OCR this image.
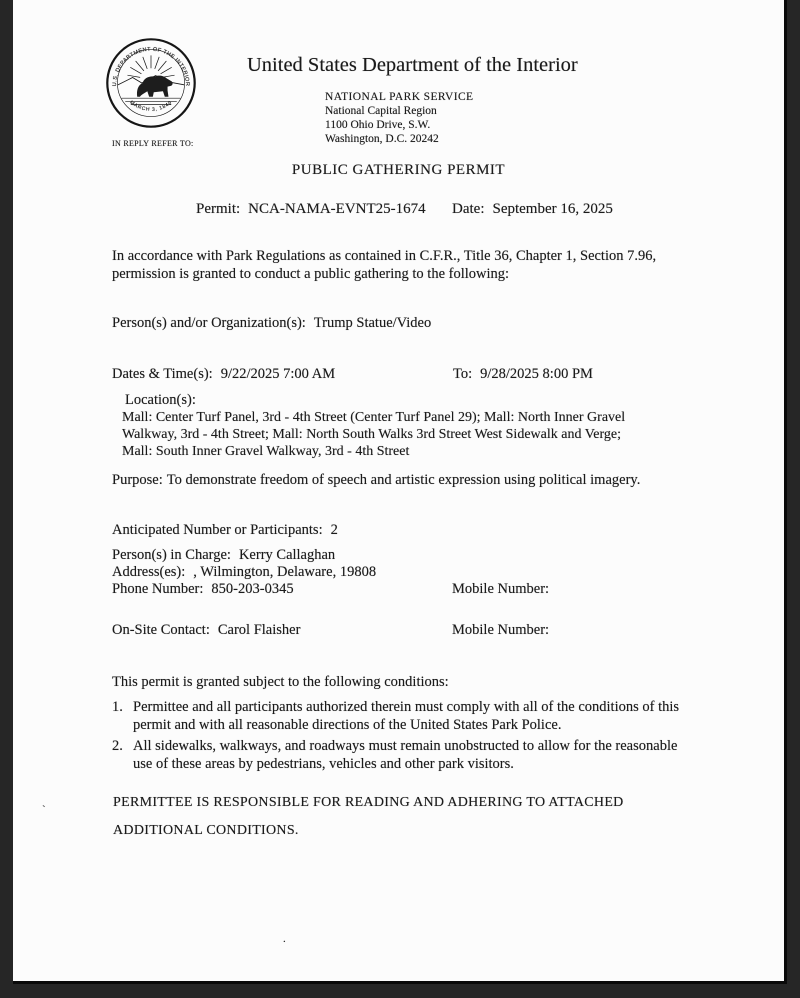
U.S. DEPARTMENT OF THE INTERIOR
MARCH 3, 1849
IN REPLY REFER TO:
United States Department of the Interior
NATIONAL PARK SERVICE
National Capital Region
1100 Ohio Drive, S.W.
Washington, D.C. 20242
PUBLIC GATHERING PERMIT
Permit: NCA-NAMA-EVNT25-1674 Date: September 16, 2025
In accordance with Park Regulations as contained in C.F.R., Title 36, Chapter 1, Section 7.96,
permission is granted to conduct a public gathering to the following:
Person(s) and/or Organization(s): Trump Statue/Video
Dates & Time(s): 9/22/2025 7:00 AM	To: 9/28/2025 8:00 PM
Location(s):
Mall: Center Turf Panel, 3rd - 4th Street (Center Turf Panel 29); Mall: North Inner Gravel
Walkway, 3rd - 4th Street; Mall: North South Walks 3rd Street West Sidewalk and Verge;
Mall: South Inner Gravel Walkway, 3rd - 4th Street
Purpose: To demonstrate freedom of speech and artistic expression using political imagery.
Anticipated Number or Participants: 2
Person(s) in Charge: Kerry Callaghan
Address(es): , Wilmington, Delaware, 19808
Phone Number: 850-203-0345	Mobile Number:
On-Site Contact: Carol Flaisher	Mobile Number:
This permit is granted subject to the following conditions:
1. Permittee and all participants authorized therein must comply with all of the conditions of this
permit and with all reasonable directions of the United States Park Police.
2. All sidewalks, walkways, and roadways must remain unobstructed to allow for the reasonable
use of these areas by pedestrians, vehicles and other park visitors.
PERMITTEE IS RESPONSIBLE FOR READING AND ADHERING TO ATTACHED
ADDITIONAL CONDITIONS.
`
.
